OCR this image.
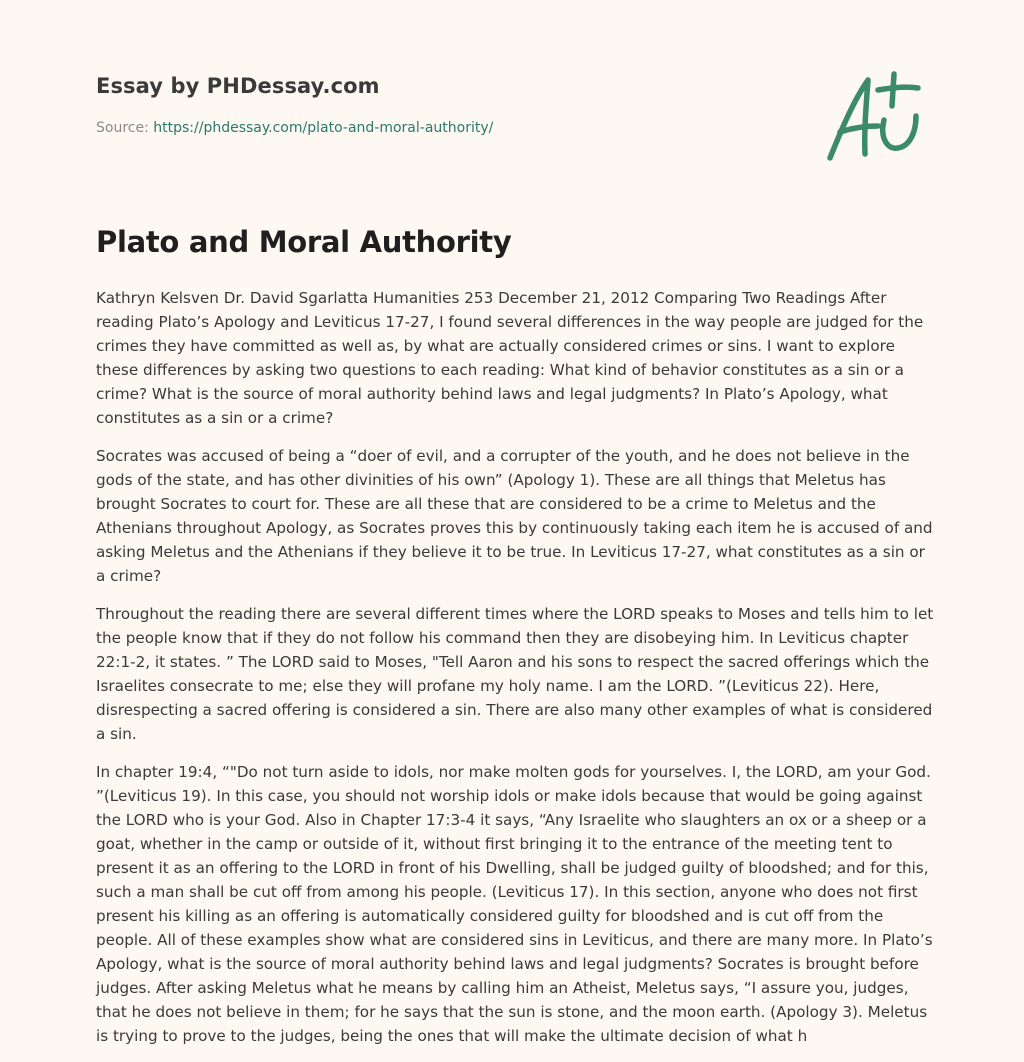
Essay by PHDessay.com
Source: https://phdessay.com/plato-and-moral-authority/
Plato and Moral Authority

Kathryn Kelsven Dr. David Sgarlatta Humanities 253 December 21, 2012 Comparing Two Readings After reading Plato’s Apology and Leviticus 17-27, I found several differences in the way people are judged for the crimes they have committed as well as, by what are actually considered crimes or sins. I want to explore these differences by asking two questions to each reading: What kind of behavior constitutes as a sin or a crime? What is the source of moral authority behind laws and legal judgments? In Plato’s Apology, what constitutes as a sin or a crime?

Socrates was accused of being a “doer of evil, and a corrupter of the youth, and he does not believe in the gods of the state, and has other divinities of his own” (Apology 1). These are all things that Meletus has brought Socrates to court for. These are all these that are considered to be a crime to Meletus and the Athenians throughout Apology, as Socrates proves this by continuously taking each item he is accused of and asking Meletus and the Athenians if they believe it to be true. In Leviticus 17-27, what constitutes as a sin or a crime?

Throughout the reading there are several different times where the LORD speaks to Moses and tells him to let the people know that if they do not follow his command then they are disobeying him. In Leviticus chapter 22:1-2, it states. ” The LORD said to Moses, "Tell Aaron and his sons to respect the sacred offerings which the Israelites consecrate to me; else they will profane my holy name. I am the LORD. ”(Leviticus 22). Here, disrespecting a sacred offering is considered a sin. There are also many other examples of what is considered a sin.

In chapter 19:4, “"Do not turn aside to idols, nor make molten gods for yourselves. I, the LORD, am your God. ”(Leviticus 19). In this case, you should not worship idols or make idols because that would be going against the LORD who is your God. Also in Chapter 17:3-4 it says, “Any Israelite who slaughters an ox or a sheep or a goat, whether in the camp or outside of it, without first bringing it to the entrance of the meeting tent to present it as an offering to the LORD in front of his Dwelling, shall be judged guilty of bloodshed; and for this, such a man shall be cut off from among his people. (Leviticus 17). In this section, anyone who does not first present his killing as an offering is automatically considered guilty for bloodshed and is cut off from the people. All of these examples show what are considered sins in Leviticus, and there are many more. In Plato’s Apology, what is the source of moral authority behind laws and legal judgments? Socrates is brought before judges. After asking Meletus what he means by calling him an Atheist, Meletus says, “I assure you, judges, that he does not believe in them; for he says that the sun is stone, and the moon earth. (Apology 3). Meletus is trying to prove to the judges, being the ones that will make the ultimate decision of what h
